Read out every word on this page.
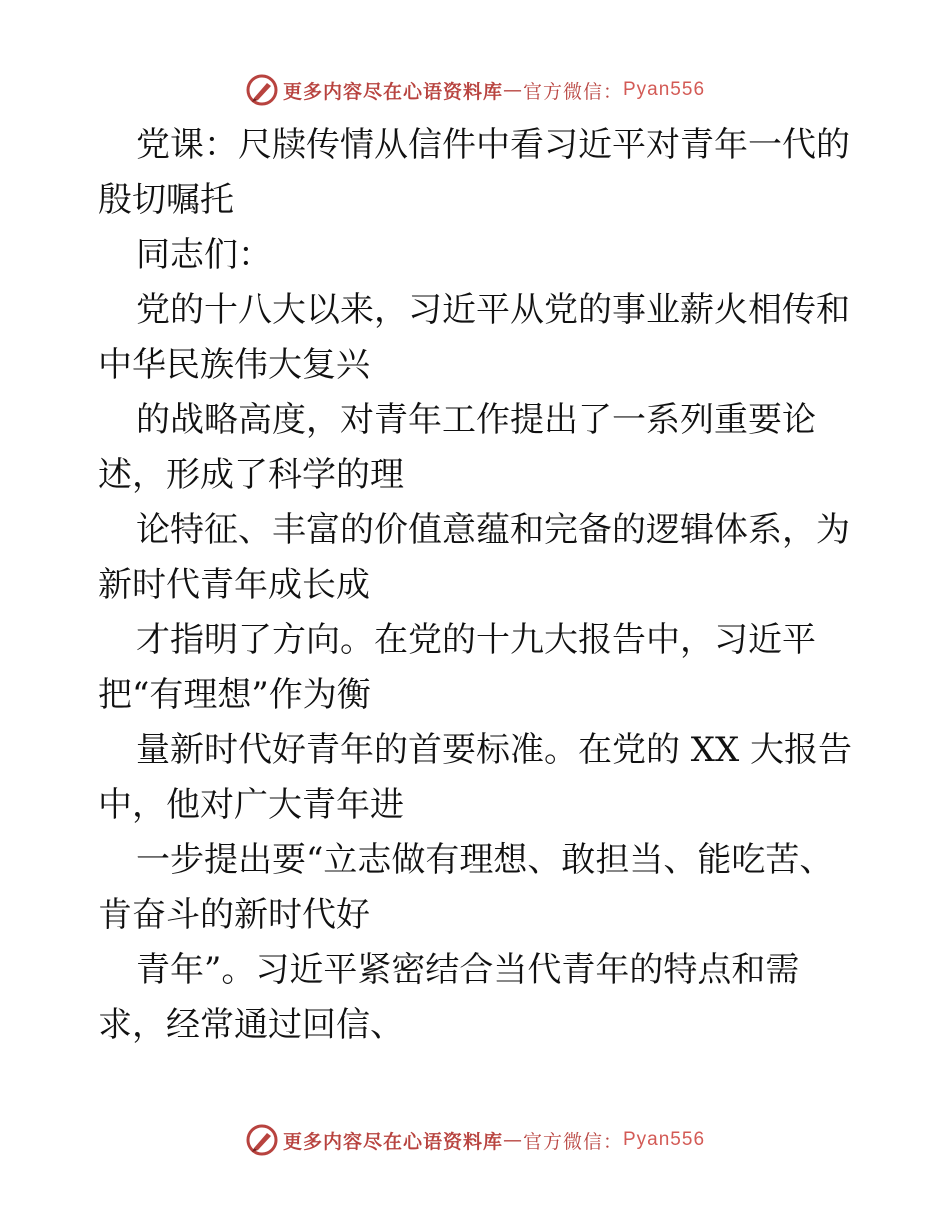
更多内容尽在心语资料库 — 官方微信： Pyan556

党课：尺牍传情从信件中看习近平对青年一代的

殷切嘱托

同志们：

党的十八大以来，习近平从党的事业薪火相传和

中华民族伟大复兴

的战略高度，对青年工作提出了一系列重要论

述，形成了科学的理

论特征、丰富的价值意蕴和完备的逻辑体系，为

新时代青年成长成

才指明了方向。在党的十九大报告中，习近平

把“有理想”作为衡

量新时代好青年的首要标准。在党的 XX 大报告

中，他对广大青年进

一步提出要“立志做有理想、敢担当、能吃苦、

肯奋斗的新时代好

青年”。习近平紧密结合当代青年的特点和需

求，经常通过回信、

更多内容尽在心语资料库 — 官方微信： Pyan556
